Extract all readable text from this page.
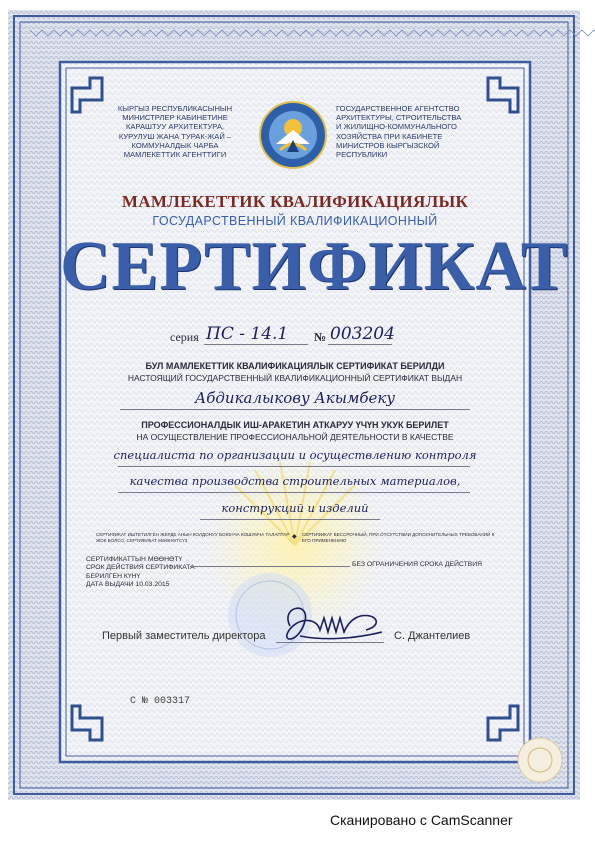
КЫРГЫЗ РЕСПУБЛИКАСЫНЫН
МИНИСТРЛЕР КАБИНЕТИНЕ
КАРАШТУУ АРХИТЕКТУРА,
КУРУЛУШ ЖАНА ТУРАК-ЖАЙ –
КОММУНАЛДЫК ЧАРБА
МАМЛЕКЕТТИК АГЕНТТИГИ
ГОСУДАРСТВЕННОЕ АГЕНТСТВО
АРХИТЕКТУРЫ, СТРОИТЕЛЬСТВА
И ЖИЛИЩНО-КОММУНАЛЬНОГО
ХОЗЯЙСТВА ПРИ КАБИНЕТЕ
МИНИСТРОВ КЫРГЫЗСКОЙ
РЕСПУБЛИКИ
МАМЛЕКЕТТИК КВАЛИФИКАЦИЯЛЫК
ГОСУДАРСТВЕННЫЙ КВАЛИФИКАЦИОННЫЙ
СЕРТИФИКАТ
серия ПС - 14.1 № 003204
БУЛ МАМЛЕКЕТТИК КВАЛИФИКАЦИЯЛЫК СЕРТИФИКАТ БЕРИЛДИ
НАСТОЯЩИЙ ГОСУДАРСТВЕННЫЙ КВАЛИФИКАЦИОННЫЙ СЕРТИФИКАТ ВЫДАН
Абдикалыкову Акымбеку
ПРОФЕССИОНАЛДЫК ИШ-АРАКЕТИН АТКАРУУ ҮЧҮН УКУК БЕРИЛЕТ
НА ОСУЩЕСТВЛЕНИЕ ПРОФЕССИОНАЛЬНОЙ ДЕЯТЕЛЬНОСТИ В КАЧЕСТВЕ
специалиста по организации и осуществлению контроля
качества производства строительных материалов,
конструкций и изделий
СЕРТИФИКАТ ИШТЕТИЛГЕН ЖЕРДЕ АНЫН КОЛДОНУУ БОЮНЧА КОШУМЧА ТАЛАПТАР ЖОК БОЛСО, СЕРТИФИКАТ МӨӨНӨТСҮЗ
◆ СЕРТИФИКАТ БЕССРОЧНЫЙ, ПРИ ОТСУТСТВИИ ДОПОЛНИТЕЛЬНЫХ ТРЕБОВАНИЙ К ЕГО ПРИМЕНЕНИЮ
СЕРТИФИКАТТЫН МӨӨНӨТҮ
СРОК ДЕЙСТВИЯ СЕРТИФИКАТА
БЕРИЛГЕН КҮНҮ
ДАТА ВЫДАЧИ 10.03.2015
БЕЗ ОГРАНИЧЕНИЯ СРОКА ДЕЙСТВИЯ
Первый заместитель директора	С. Джантелиев
С № 003317
Сканировано с CamScanner
